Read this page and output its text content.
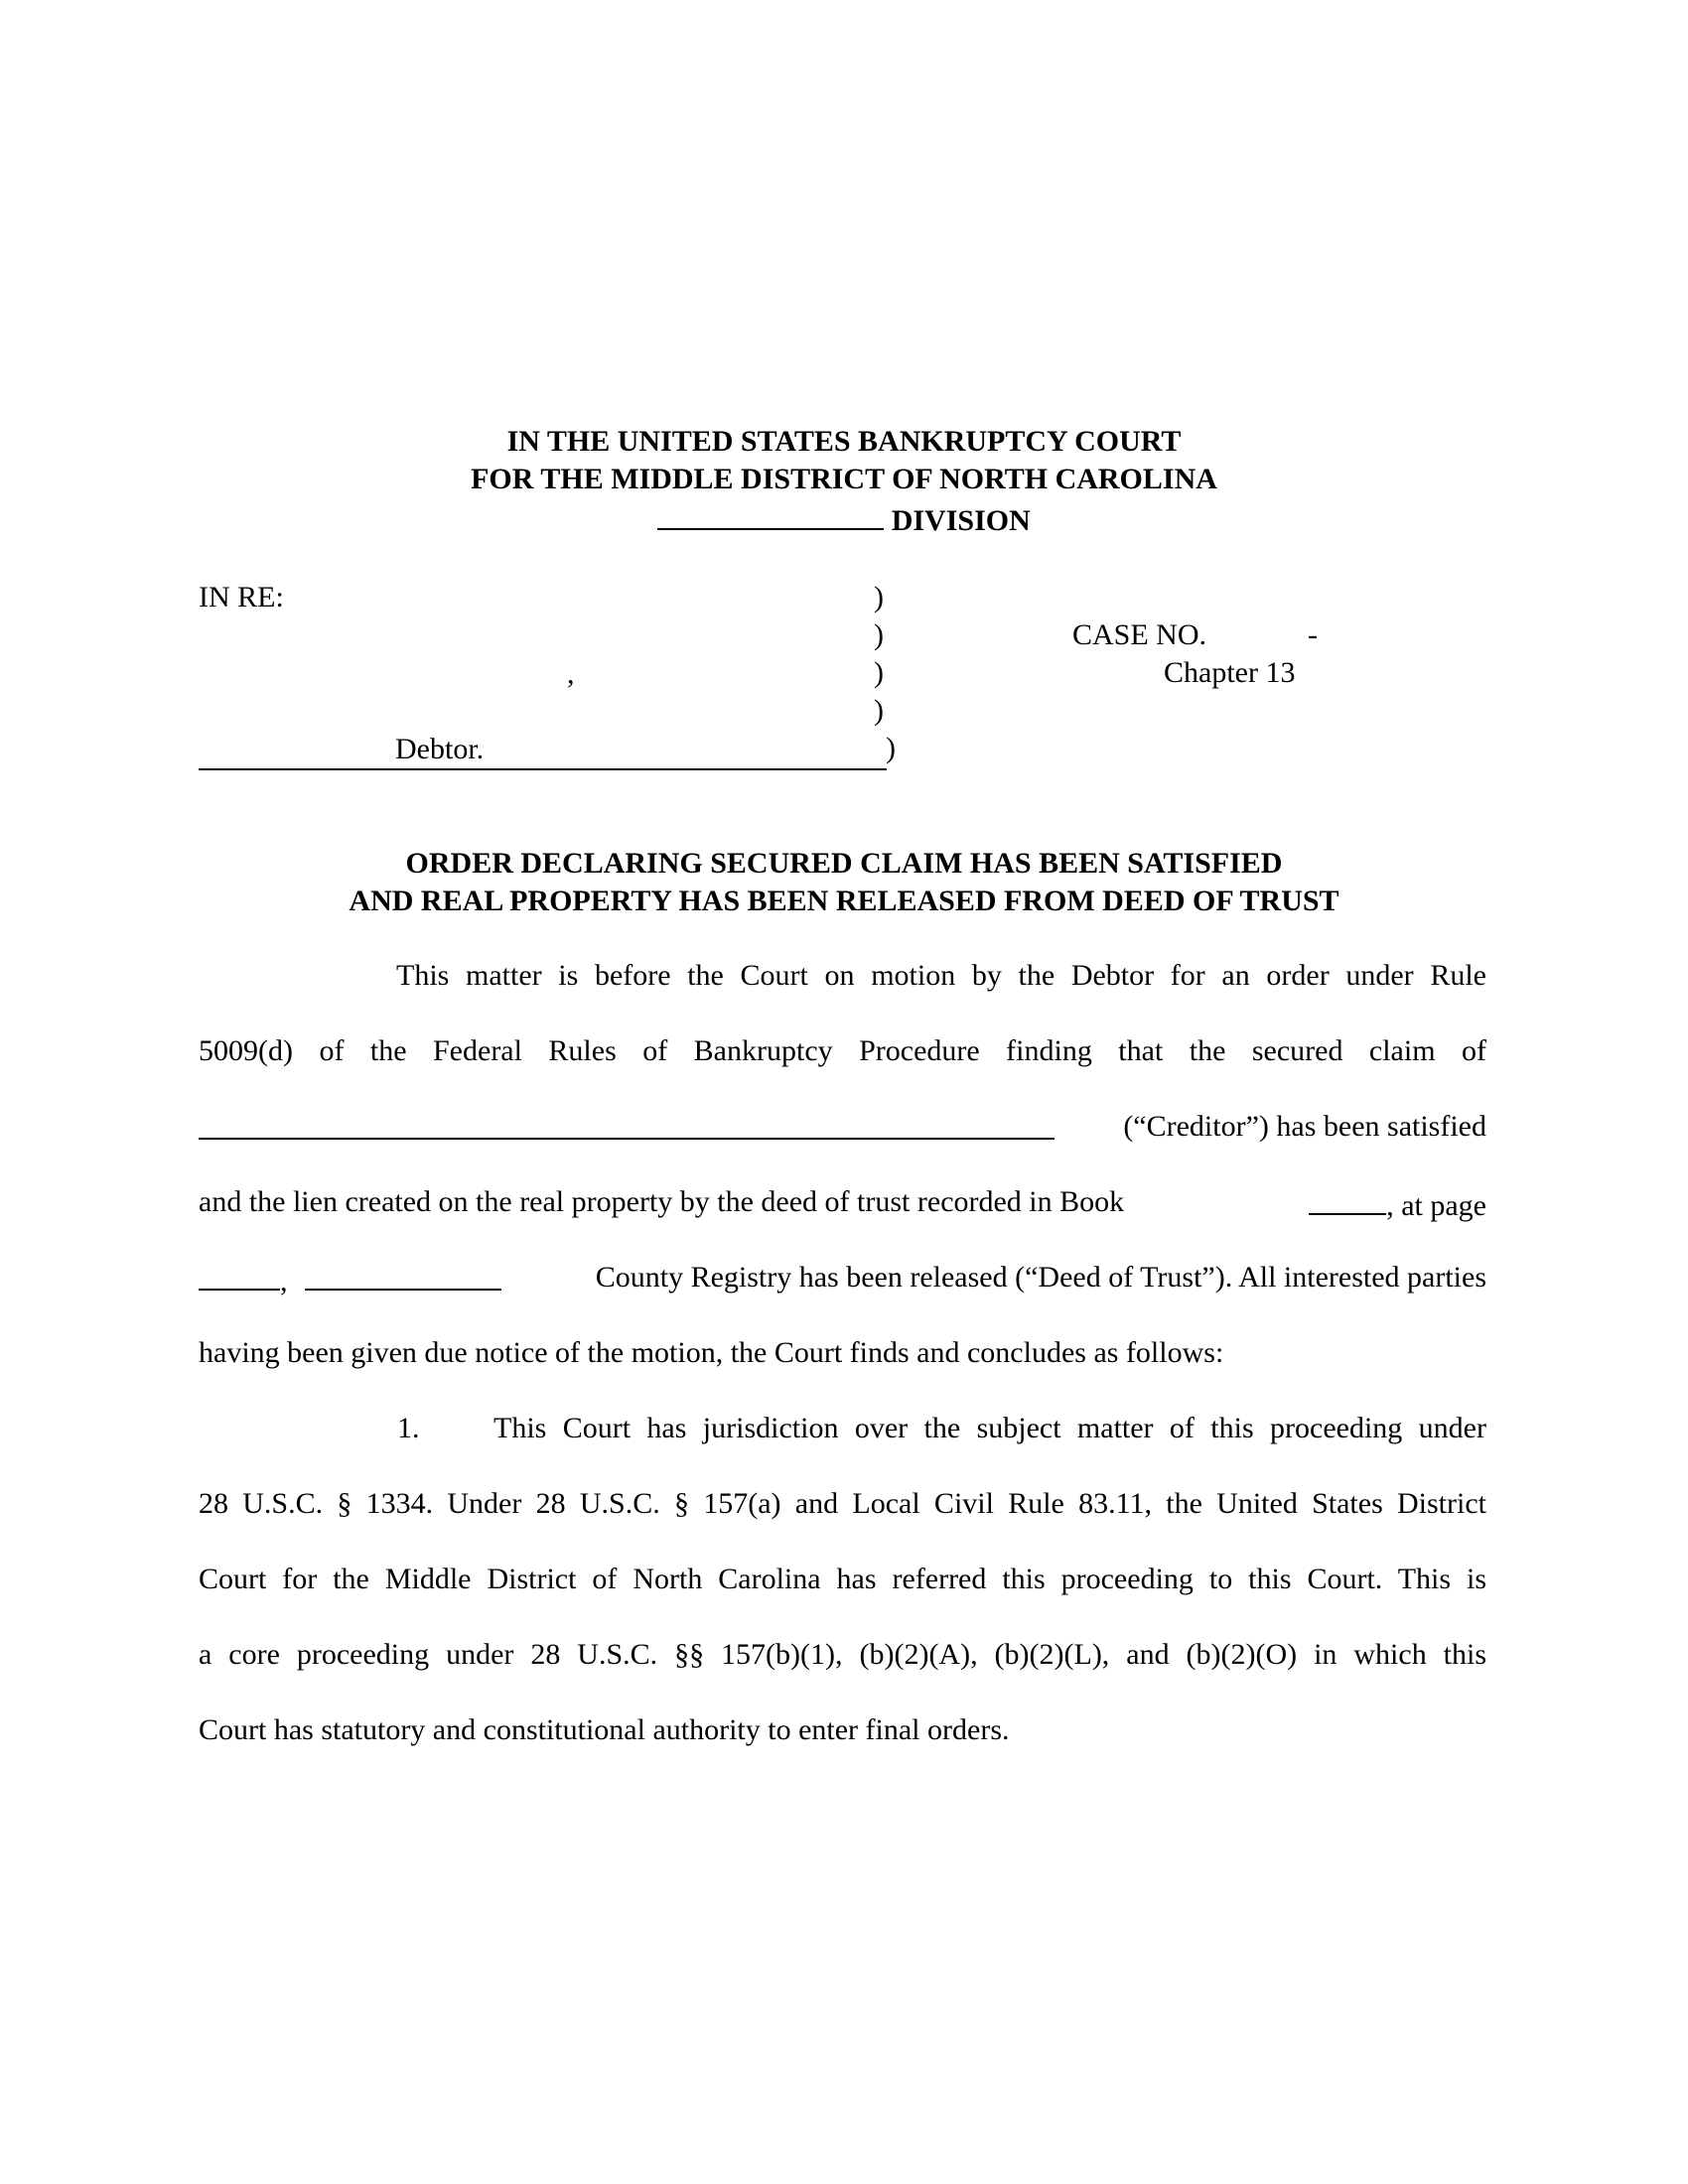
IN THE UNITED STATES BANKRUPTCY COURT
FOR THE MIDDLE DISTRICT OF NORTH CAROLINA
DIVISION
IN RE:
,
Debtor.
)
)
)
)
)
CASE NO.	-
Chapter 13
ORDER DECLARING SECURED CLAIM HAS BEEN SATISFIED
AND REAL PROPERTY HAS BEEN RELEASED FROM DEED OF TRUST
This matter is before the Court on motion by the Debtor for an order under Rule
5009(d) of the Federal Rules of Bankruptcy Procedure finding that the secured claim of
(“Creditor”) has been satisfied
and the lien created on the real property by the deed of trust recorded in Book	, at page
,	County Registry has been released (“Deed of Trust”). All interested parties
having been given due notice of the motion, the Court finds and concludes as follows:
1. This Court has jurisdiction over the subject matter of this proceeding under
28 U.S.C. § 1334. Under 28 U.S.C. § 157(a) and Local Civil Rule 83.11, the United States District
Court for the Middle District of North Carolina has referred this proceeding to this Court. This is
a core proceeding under 28 U.S.C. §§ 157(b)(1), (b)(2)(A), (b)(2)(L), and (b)(2)(O) in which this
Court has statutory and constitutional authority to enter final orders.
